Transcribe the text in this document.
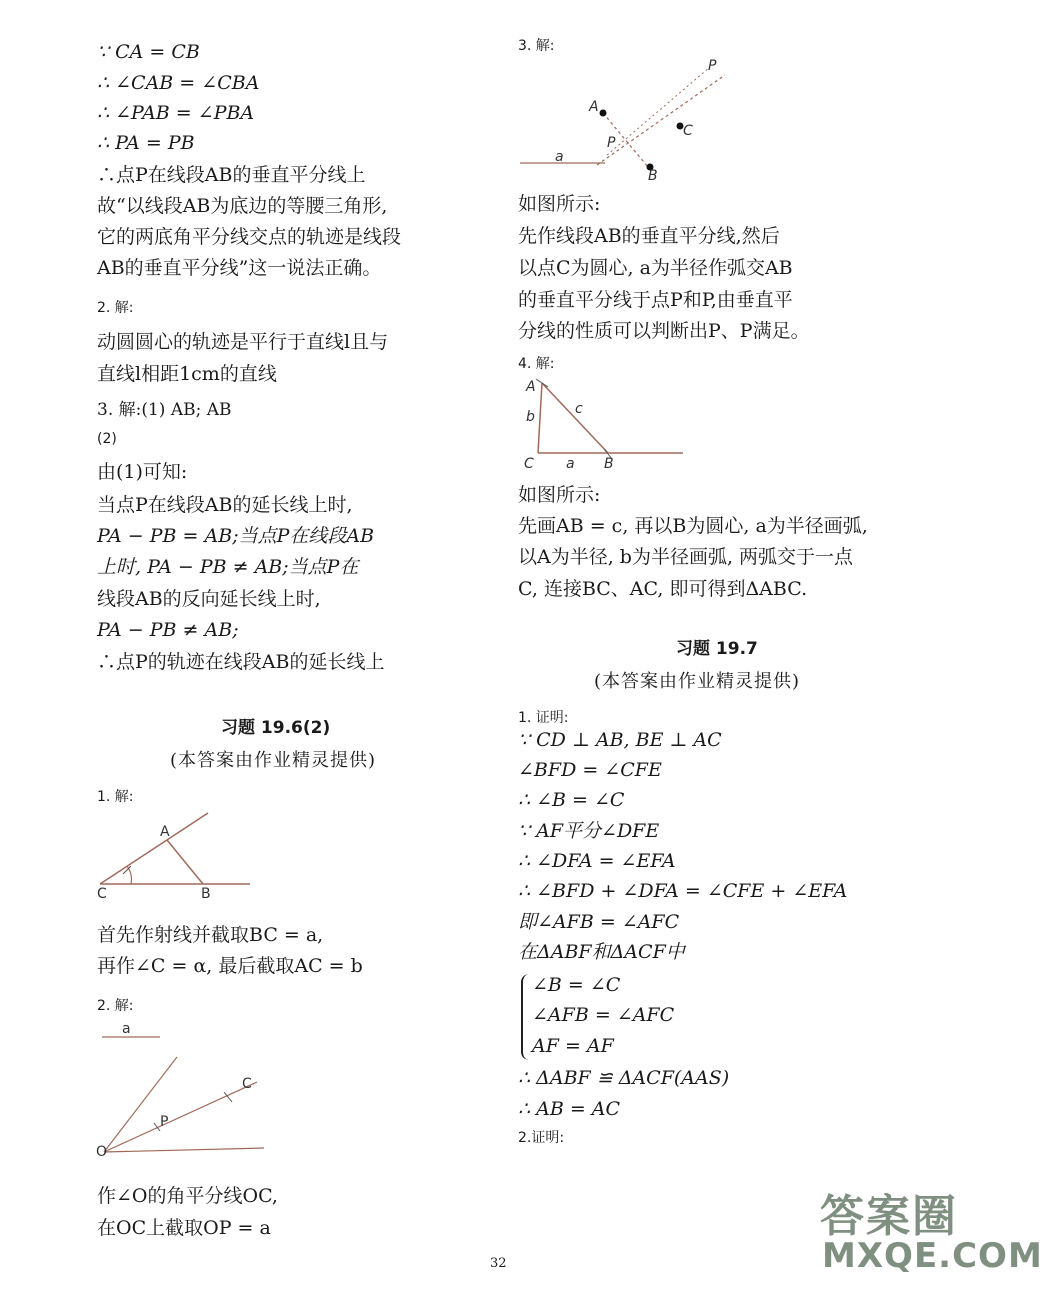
∵ CA = CB
∴ ∠CAB = ∠CBA
∴ ∠PAB = ∠PBA
∴ PA = PB
∴点P在线段AB的垂直平分线上
故“以线段AB为底边的等腰三角形,
它的两底角平分线交点的轨迹是线段
AB的垂直平分线”这一说法正确。
2. 解:
动圆圆心的轨迹是平行于直线l且与
直线l相距1cm的直线
3. 解:(1) AB; AB
(2)
由(1)可知:
当点P在线段AB的延长线上时,
PA − PB = AB;当点P在线段AB
上时, PA − PB ≠ AB;当点P在
线段AB的反向延长线上时,
PA − PB ≠ AB;
∴点P的轨迹在线段AB的延长线上
习题 19.6(2)
(本答案由作业精灵提供)
1. 解:
A
C	B
首先作射线并截取BC = a,
再作∠C = α, 最后截取AC = b
2. 解:
a
C
P
O
作∠O的角平分线OC,
在OC上截取OP = a
3. 解:
P
A
C
P
a
B
如图所示:
先作线段AB的垂直平分线,然后
以点C为圆心, a为半径作弧交AB
的垂直平分线于点P和P,由垂直平
分线的性质可以判断出P、P满足。
4. 解:
A
b	c
C a B
如图所示:
先画AB = c, 再以B为圆心, a为半径画弧,
以A为半径, b为半径画弧, 两弧交于一点
C, 连接BC、AC, 即可得到ΔABC.
习题 19.7
(本答案由作业精灵提供)
1. 证明:
∵ CD ⊥ AB, BE ⊥ AC
∠BFD = ∠CFE
∴ ∠B = ∠C
∵ AF平分∠DFE
∴ ∠DFA = ∠EFA
∴ ∠BFD + ∠DFA = ∠CFE + ∠EFA
即∠AFB = ∠AFC
在ΔABF和ΔACF中
∠B = ∠C
∠AFB = ∠AFC
AF = AF
∴ ΔABF ≌ ΔACF(AAS)
∴ AB = AC
2.证明:
32
答案圈
MXQE.COM
